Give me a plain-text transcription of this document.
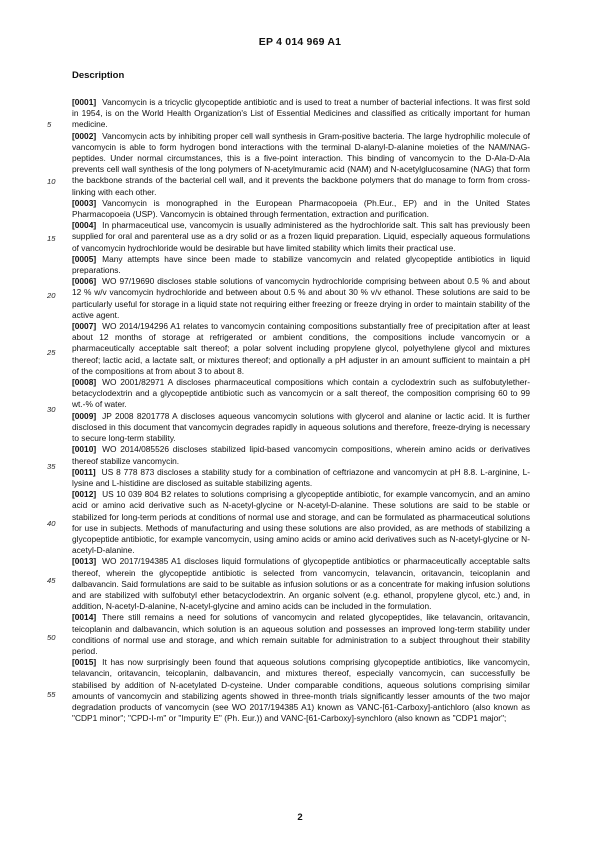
EP 4 014 969 A1
Description
5
10
15
20
25
30
35
40
45
50
55

[0001] Vancomycin is a tricyclic glycopeptide antibiotic and is used to treat a number of bacterial infections. It was first sold in 1954, is on the World Health Organization's List of Essential Medicines and classified as critically important for human medicine.

[0002] Vancomycin acts by inhibiting proper cell wall synthesis in Gram-positive bacteria. The large hydrophilic molecule of vancomycin is able to form hydrogen bond interactions with the terminal D-alanyl-D-alanine moieties of the NAM/NAG-peptides. Under normal circumstances, this is a five-point interaction. This binding of vancomycin to the D-Ala-D-Ala prevents cell wall synthesis of the long polymers of N-acetylmuramic acid (NAM) and N-acetylglucosamine (NAG) that form the backbone strands of the bacterial cell wall, and it prevents the backbone polymers that do manage to form from cross-linking with each other.

[0003] Vancomycin is monographed in the European Pharmacopoeia (Ph.Eur., EP) and in the United States Pharmacopoeia (USP). Vancomycin is obtained through fermentation, extraction and purification.

[0004] In pharmaceutical use, vancomycin is usually administered as the hydrochloride salt. This salt has previously been supplied for oral and parenteral use as a dry solid or as a frozen liquid preparation. Liquid, especially aqueous formulations of vancomycin hydrochloride would be desirable but have limited stability which limits their practical use.

[0005] Many attempts have since been made to stabilize vancomycin and related glycopeptide antibiotics in liquid preparations.

[0006] WO 97/19690 discloses stable solutions of vancomycin hydrochloride comprising between about 0.5 % and about 12 % w/v vancomycin hydrochloride and between about 0.5 % and about 30 % v/v ethanol. These solutions are said to be particularly useful for storage in a liquid state not requiring either freezing or freeze drying in order to maintain stability of the active agent.

[0007] WO 2014/194296 A1 relates to vancomycin containing compositions substantially free of precipitation after at least about 12 months of storage at refrigerated or ambient conditions, the compositions include vancomycin or a pharmaceutically acceptable salt thereof; a polar solvent including propylene glycol, polyethylene glycol and mixtures thereof; lactic acid, a lactate salt, or mixtures thereof; and optionally a pH adjuster in an amount sufficient to maintain a pH of the compositions at from about 3 to about 8.

[0008] WO 2001/82971 A discloses pharmaceutical compositions which contain a cyclodextrin such as sulfobutylether-betacyclodextrin and a glycopeptide antibiotic such as vancomycin or a salt thereof, the composition comprising 60 to 99 wt.-% of water.

[0009] JP 2008 8201778 A discloses aqueous vancomycin solutions with glycerol and alanine or lactic acid. It is further disclosed in this document that vancomycin degrades rapidly in aqueous solutions and therefore, freeze-drying is necessary to secure long-term stability.

[0010] WO 2014/085526 discloses stabilized lipid-based vancomycin compositions, wherein amino acids or derivatives thereof stabilize vancomycin.

[0011] US 8 778 873 discloses a stability study for a combination of ceftriazone and vancomycin at pH 8.8. L-arginine, L-lysine and L-histidine are disclosed as suitable stabilizing agents.

[0012] US 10 039 804 B2 relates to solutions comprising a glycopeptide antibiotic, for example vancomycin, and an amino acid or amino acid derivative such as N-acetyl-glycine or N-acetyl-D-alanine. These solutions are said to be stable or stabilized for long-term periods at conditions of normal use and storage, and can be formulated as pharmaceutical solutions for use in subjects. Methods of manufacturing and using these solutions are also provided, as are methods of stabilizing a glycopeptide antibiotic, for example vancomycin, using amino acids or amino acid derivatives such as N-acetyl-glycine or N-acetyl-D-alanine.

[0013] WO 2017/194385 A1 discloses liquid formulations of glycopeptide antibiotics or pharmaceutically acceptable salts thereof, wherein the glycopeptide antibiotic is selected from vancomycin, telavancin, oritavancin, teicoplanin and dalbavancin. Said formulations are said to be suitable as infusion solutions or as a concentrate for making infusion solutions and are stabilized with sulfobutyl ether betacyclodextrin. An organic solvent (e.g. ethanol, propylene glycol, etc.) and, in addition, N-acetyl-D-alanine, N-acetyl-glycine and amino acids can be included in the formulation.

[0014] There still remains a need for solutions of vancomycin and related glycopeptides, like telavancin, oritavancin, teicoplanin and dalbavancin, which solution is an aqueous solution and possesses an improved long-term stability under conditions of normal use and storage, and which remain suitable for administration to a subject throughout their stability period.

[0015] It has now surprisingly been found that aqueous solutions comprising glycopeptide antibiotics, like vancomycin, telavancin, oritavancin, teicoplanin, dalbavancin, and mixtures thereof, especially vancomycin, can successfully be stabilised by addition of N-acetylated D-cysteine. Under comparable conditions, aqueous solutions comprising similar amounts of vancomycin and stabilizing agents showed in three-month trials significantly lesser amounts of the two major degradation products of vancomycin (see WO 2017/194385 A1) known as VANC-[61-Carboxy]-antichloro (also known as "CDP1 minor"; "CPD-I-m" or "Impurity E" (Ph. Eur.)) and VANC-[61-Carboxy]-synchloro (also known as "CDP1 major";

2
